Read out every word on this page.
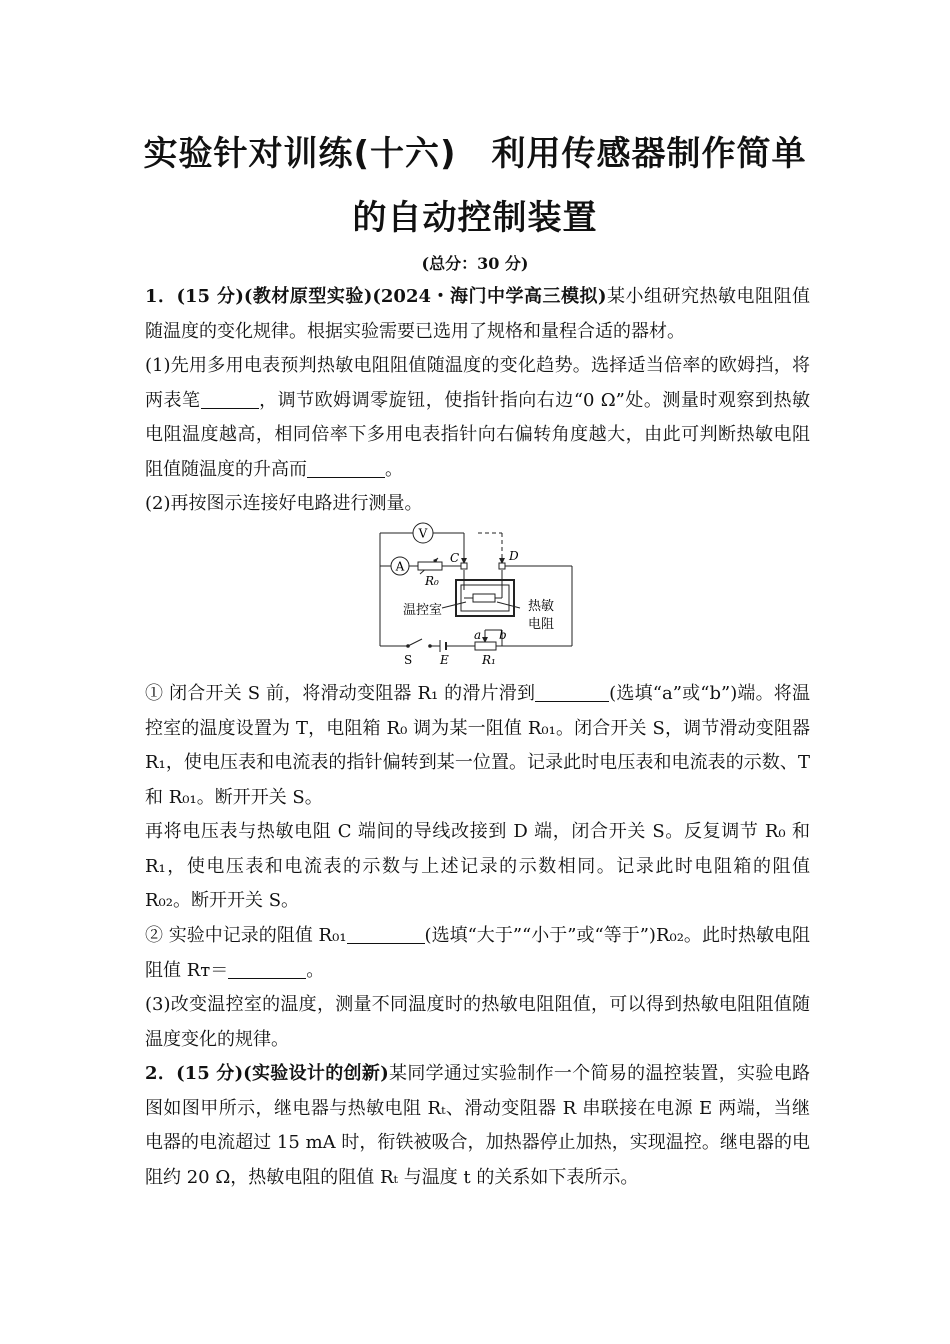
实验针对训练(十六)　利用传感器制作简单
的自动控制装置
(总分：30 分)
1．(15 分)(教材原型实验)(2024・海门中学高三模拟)某小组研究热敏电阻阻值随温度的变化规律。根据实验需要已选用了规格和量程合适的器材。
(1)先用多用电表预判热敏电阻阻值随温度的变化趋势。选择适当倍率的欧姆挡，将两表笔	，调节欧姆调零旋钮，使指针指向右边“0 Ω”处。测量时观察到热敏电阻温度越高，相同倍率下多用电表指针向右偏转角度越大，由此可判断热敏电阻阻值随温度的升高而	。
(2)再按图示连接好电路进行测量。
V
A
R₀
C	D
温控室	热敏
电阻
a b
S E	R₁
① 闭合开关 S 前，将滑动变阻器 R₁ 的滑片滑到	(选填“a”或“b”)端。将温控室的温度设置为 T，电阻箱 R₀ 调为某一阻值 R₀₁。闭合开关 S，调节滑动变阻器 R₁，使电压表和电流表的指针偏转到某一位置。记录此时电压表和电流表的示数、T 和 R₀₁。断开开关 S。
再将电压表与热敏电阻 C 端间的导线改接到 D 端，闭合开关 S。反复调节 R₀ 和 R₁，使电压表和电流表的示数与上述记录的示数相同。记录此时电阻箱的阻值 R₀₂。断开开关 S。
② 实验中记录的阻值 R₀₁	(选填“大于”“小于”或“等于”)R₀₂。此时热敏电阻阻值 Rᴛ＝	。
(3)改变温控室的温度，测量不同温度时的热敏电阻阻值，可以得到热敏电阻阻值随温度变化的规律。
2．(15 分)(实验设计的创新)某同学通过实验制作一个简易的温控装置，实验电路图如图甲所示，继电器与热敏电阻 Rₜ、滑动变阻器 R 串联接在电源 E 两端，当继电器的电流超过 15 mA 时，衔铁被吸合，加热器停止加热，实现温控。继电器的电阻约 20 Ω，热敏电阻的阻值 Rₜ 与温度 t 的关系如下表所示。
